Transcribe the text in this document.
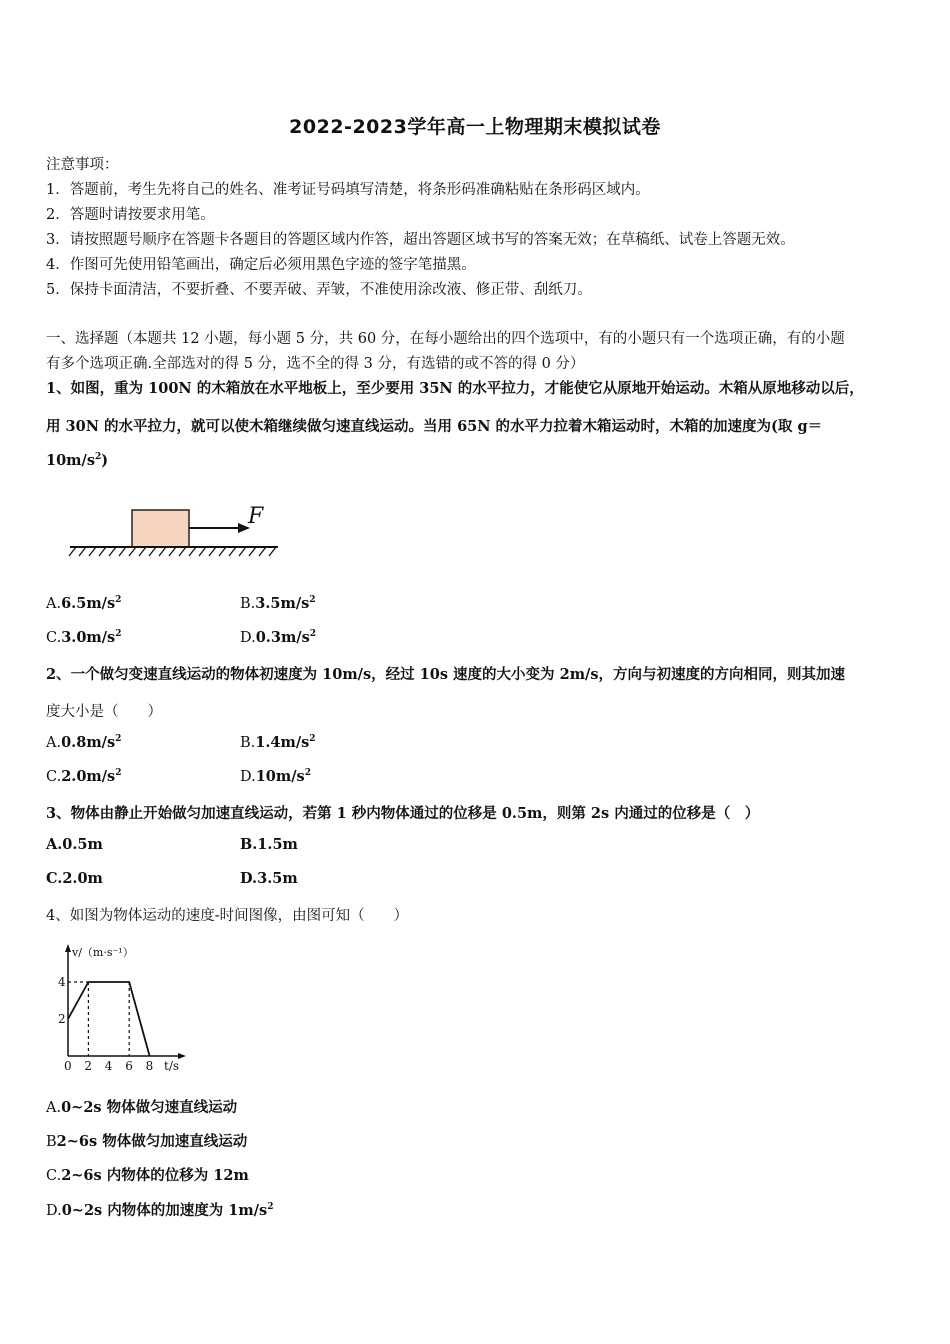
2022-2023学年高一上物理期末模拟试卷
注意事项：
1．答题前，考生先将自己的姓名、准考证号码填写清楚，将条形码准确粘贴在条形码区域内。
2．答题时请按要求用笔。
3．请按照题号顺序在答题卡各题目的答题区域内作答，超出答题区域书写的答案无效；在草稿纸、试卷上答题无效。
4．作图可先使用铅笔画出，确定后必须用黑色字迹的签字笔描黑。
5．保持卡面清洁，不要折叠、不要弄破、弄皱，不准使用涂改液、修正带、刮纸刀。
一、选择题（本题共 12 小题，每小题 5 分，共 60 分，在每小题给出的四个选项中，有的小题只有一个选项正确，有的小题
有多个选项正确.全部选对的得 5 分，选不全的得 3 分，有选错的或不答的得 0 分）
1、如图，重为 100N 的木箱放在水平地板上，至少要用 35N 的水平拉力，才能使它从原地开始运动。木箱从原地移动以后，
用 30N 的水平拉力，就可以使木箱继续做匀速直线运动。当用 65N 的水平力拉着木箱运动时，木箱的加速度为(取 g＝
$10m/s^2$)
F
$A.6.5m/s^2$	$B.3.5m/s^2$
$C.3.0m/s^2$	$D.0.3m/s^2$
2、一个做匀变速直线运动的物体初速度为 10m/s，经过 10s 速度的大小变为 2m/s，方向与初速度的方向相同，则其加速
度大小是（　　）
$A.0.8m/s^2$	$B.1.4m/s^2$
$C.2.0m/s^2$	$D.10m/s^2$
3、物体由静止开始做匀加速直线运动，若第 1 秒内物体通过的位移是 0.5m，则第 2s 内通过的位移是（　）
A.0.5m	B.1.5m
C.2.0m	D.3.5m
4、如图为物体运动的速度-时间图像，由图可知（　　）
v/（m·s⁻¹）
t/s
0 2 4 6 8
4
2
A.0~2s 物体做匀速直线运动
B2~6s 物体做匀加速直线运动
C.2~6s 内物体的位移为 12m
D.0~2s 内物体的加速度为 $1m/s^2$
